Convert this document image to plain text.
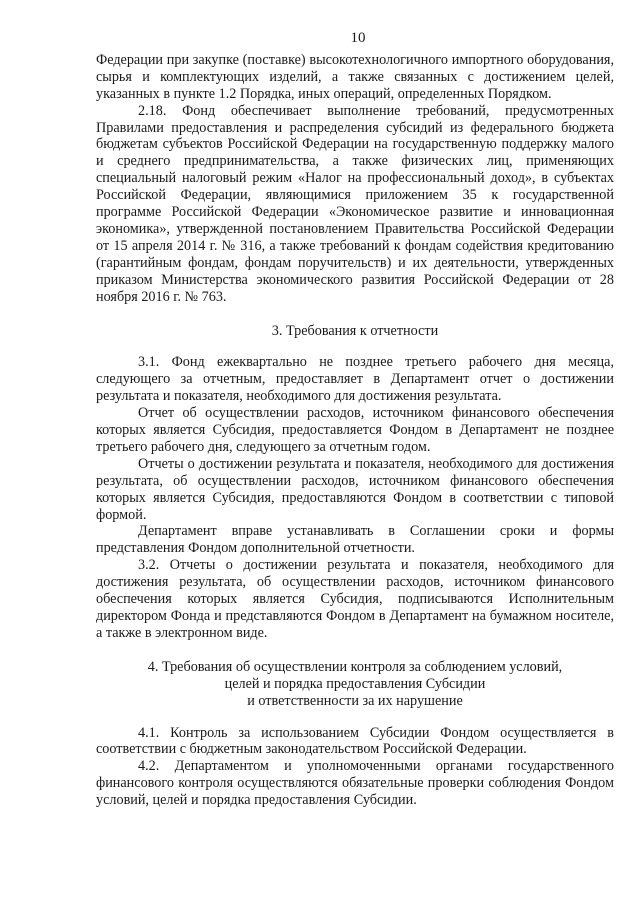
10

Федерации при закупке (поставке) высокотехнологичного импортного оборудования, сырья и комплектующих изделий, а также связанных с достижением целей, указанных в пункте 1.2 Порядка, иных операций, определенных Порядком.

2.18. Фонд обеспечивает выполнение требований, предусмотренных Правилами предоставления и распределения субсидий из федерального бюджета бюджетам субъектов Российской Федерации на государственную поддержку малого и среднего предпринимательства, а также физических лиц, применяющих специальный налоговый режим «Налог на профессиональный доход», в субъектах Российской Федерации, являющимися приложением 35 к государственной программе Российской Федерации «Экономическое развитие и инновационная экономика», утвержденной постановлением Правительства Российской Федерации от 15 апреля 2014 г. № 316, а также требований к фондам содействия кредитованию (гарантийным фондам, фондам поручительств) и их деятельности, утвержденных приказом Министерства экономического развития Российской Федерации от 28 ноября 2016 г. № 763.

3. Требования к отчетности

3.1. Фонд ежеквартально не позднее третьего рабочего дня месяца, следующего за отчетным, предоставляет в Департамент отчет о достижении результата и показателя, необходимого для достижения результата.

Отчет об осуществлении расходов, источником финансового обеспечения которых является Субсидия, предоставляется Фондом в Департамент не позднее третьего рабочего дня, следующего за отчетным годом.

Отчеты о достижении результата и показателя, необходимого для достижения результата, об осуществлении расходов, источником финансового обеспечения которых является Субсидия, предоставляются Фондом в соответствии с типовой формой.

Департамент вправе устанавливать в Соглашении сроки и формы представления Фондом дополнительной отчетности.

3.2. Отчеты о достижении результата и показателя, необходимого для достижения результата, об осуществлении расходов, источником финансового обеспечения которых является Субсидия, подписываются Исполнительным директором Фонда и представляются Фондом в Департамент на бумажном носителе, а также в электронном виде.

4. Требования об осуществлении контроля за соблюдением условий,
целей и порядка предоставления Субсидии
и ответственности за их нарушение

4.1. Контроль за использованием Субсидии Фондом осуществляется в соответствии с бюджетным законодательством Российской Федерации.

4.2. Департаментом и уполномоченными органами государственного финансового контроля осуществляются обязательные проверки соблюдения Фондом условий, целей и порядка предоставления Субсидии.
